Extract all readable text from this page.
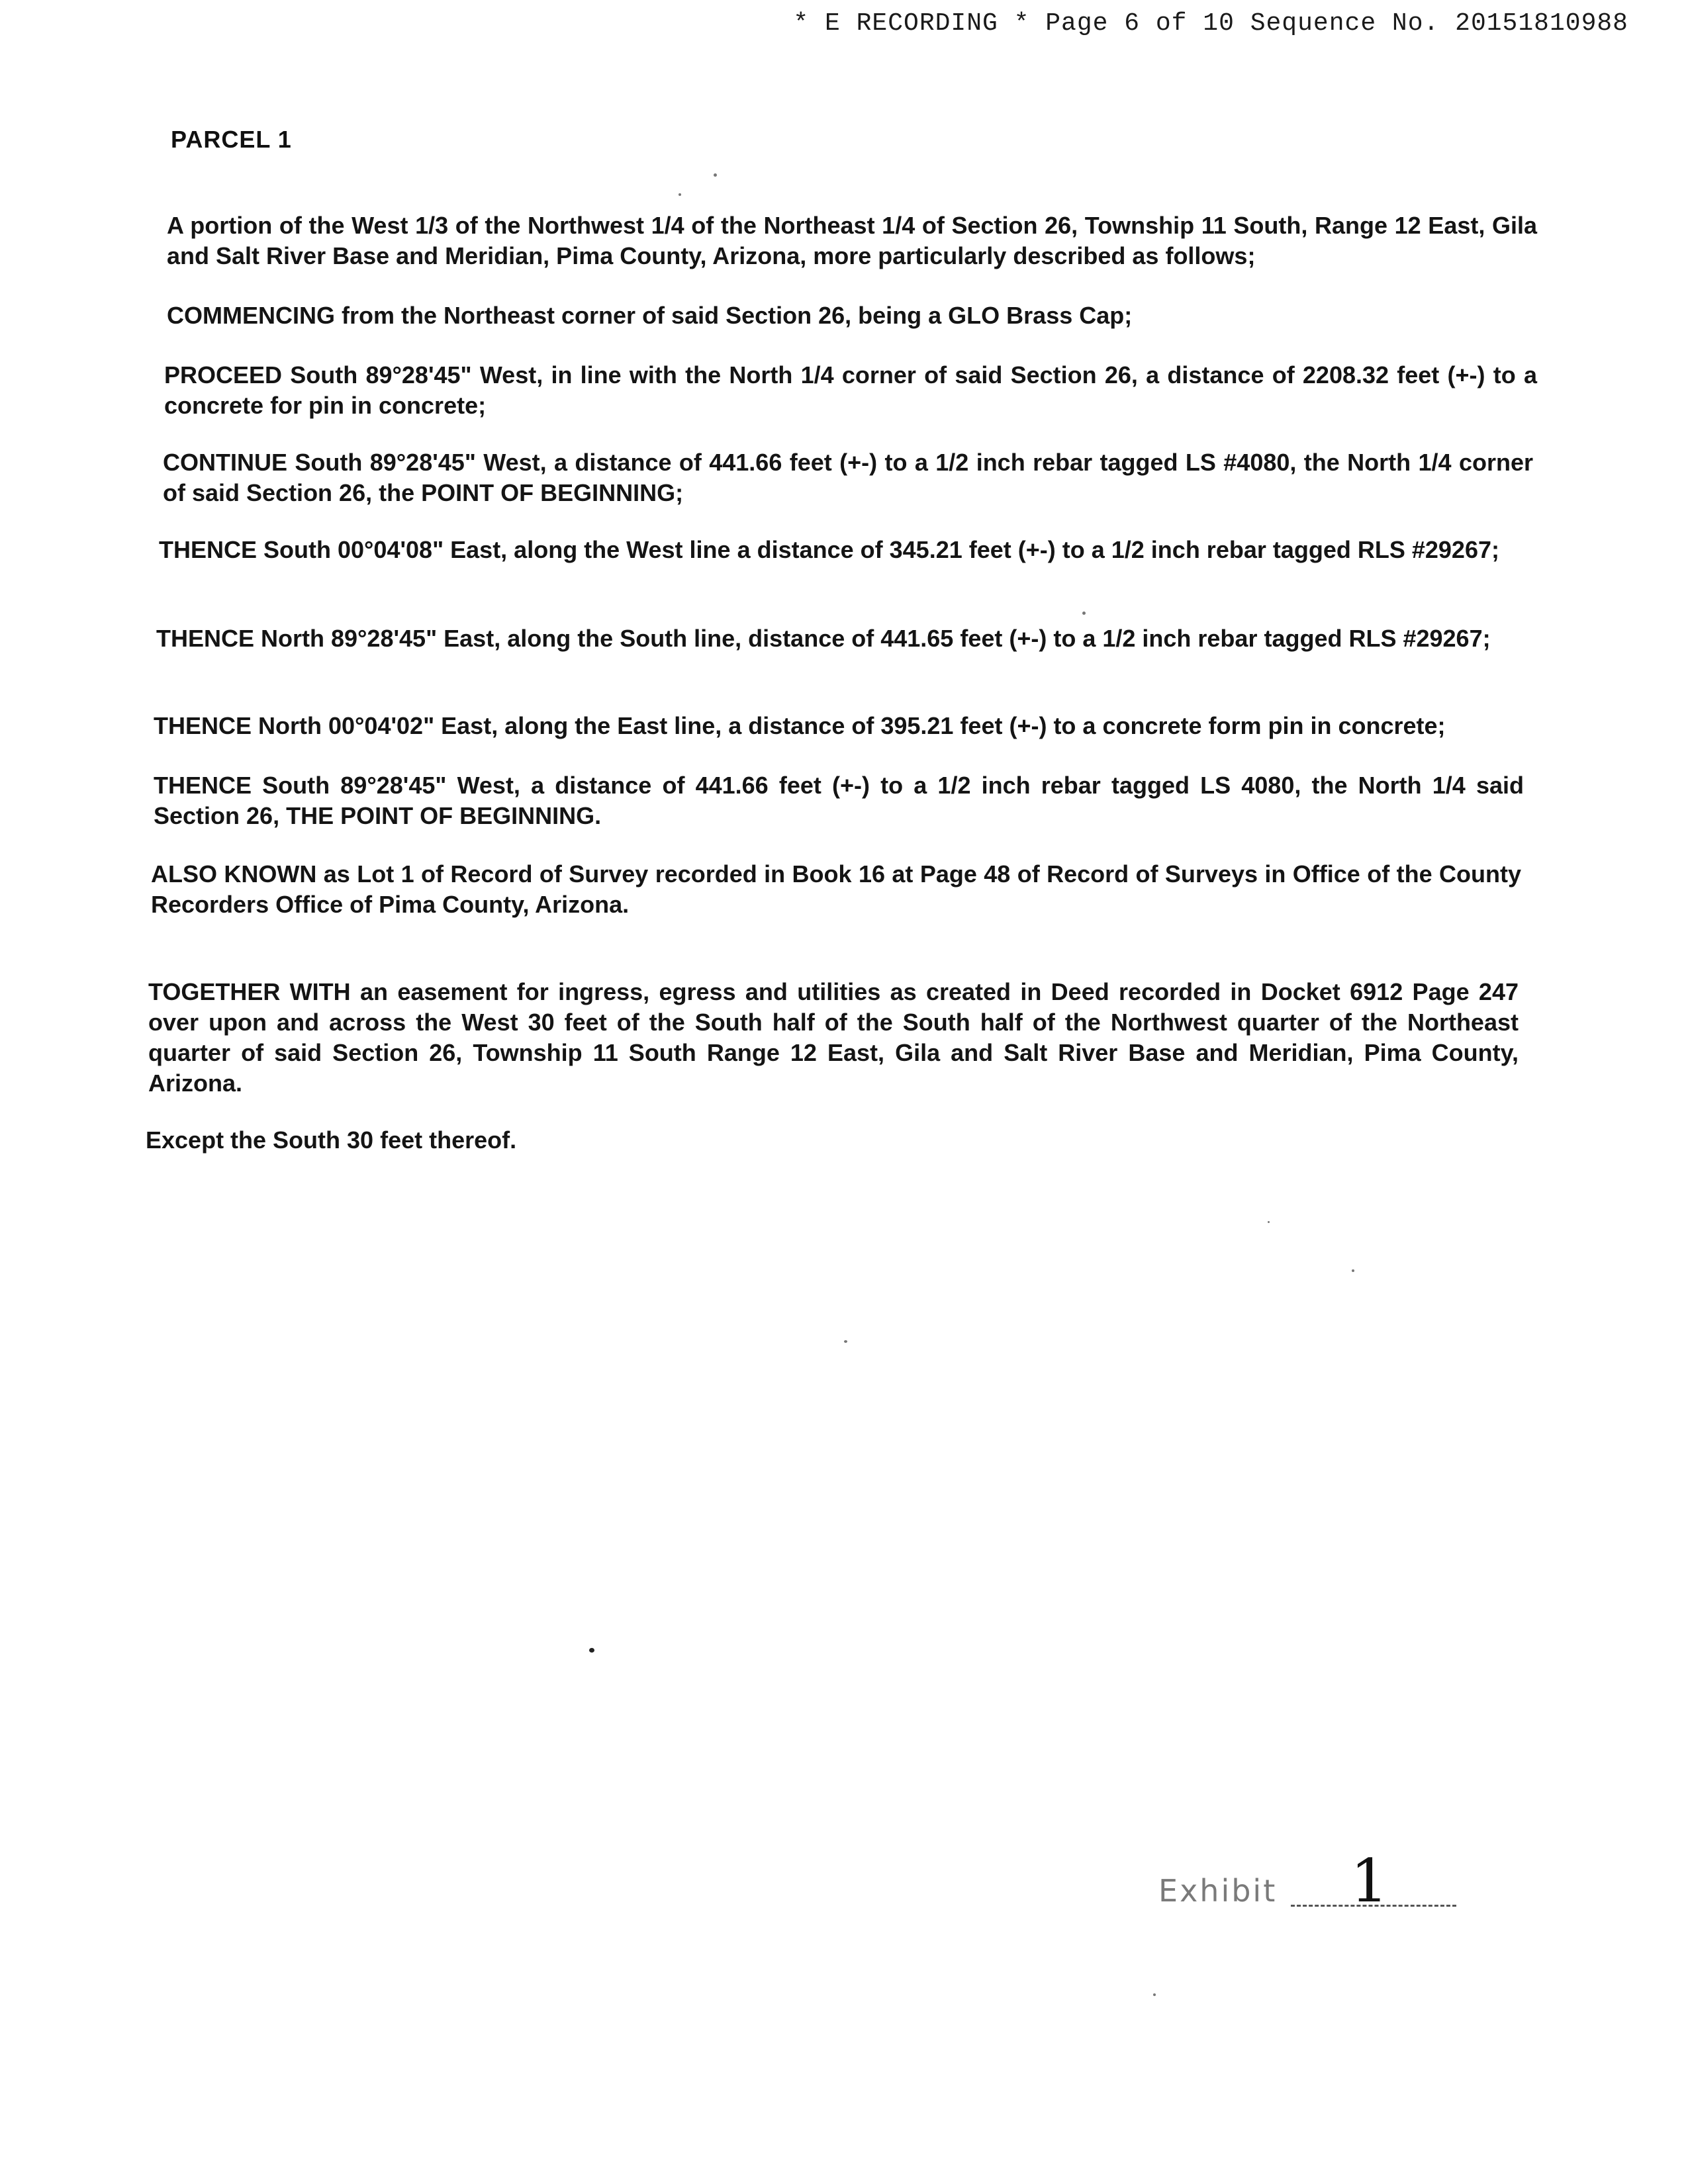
* E RECORDING * Page 6 of 10 Sequence No. 20151810988
PARCEL 1
A portion of the West 1/3 of the Northwest 1/4 of the Northeast 1/4 of Section 26, Township 11 South, Range 12 East, Gila and Salt River Base and Meridian, Pima County, Arizona, more particularly described as follows;
COMMENCING from the Northeast corner of said Section 26, being a GLO Brass Cap;
PROCEED South 89°28'45" West, in line with the North 1/4 corner of said Section 26, a distance of 2208.32 feet (+-) to a concrete for pin in concrete;
CONTINUE South 89°28'45" West, a distance of 441.66 feet (+-) to a 1/2 inch rebar tagged LS #4080, the North 1/4 corner of said Section 26, the POINT OF BEGINNING;
THENCE South 00°04'08" East, along the West line a distance of 345.21 feet (+-) to a 1/2 inch rebar tagged RLS #29267;
THENCE North 89°28'45" East, along the South line, distance of 441.65 feet (+-) to a 1/2 inch rebar tagged RLS #29267;
THENCE North 00°04'02" East, along the East line, a distance of 395.21 feet (+-) to a concrete form pin in concrete;
THENCE South 89°28'45" West, a distance of 441.66 feet (+-) to a 1/2 inch rebar tagged LS 4080, the North 1/4 said Section 26, THE POINT OF BEGINNING.
ALSO KNOWN as Lot 1 of Record of Survey recorded in Book 16 at Page 48 of Record of Surveys in Office of the County Recorders Office of Pima County, Arizona.
TOGETHER WITH an easement for ingress, egress and utilities as created in Deed recorded in Docket 6912 Page 247 over upon and across the West 30 feet of the South half of the South half of the Northwest quarter of the Northeast quarter of said Section 26, Township 11 South Range 12 East, Gila and Salt River Base and Meridian, Pima County, Arizona.
Except the South 30 feet thereof.
Exhibit 1
